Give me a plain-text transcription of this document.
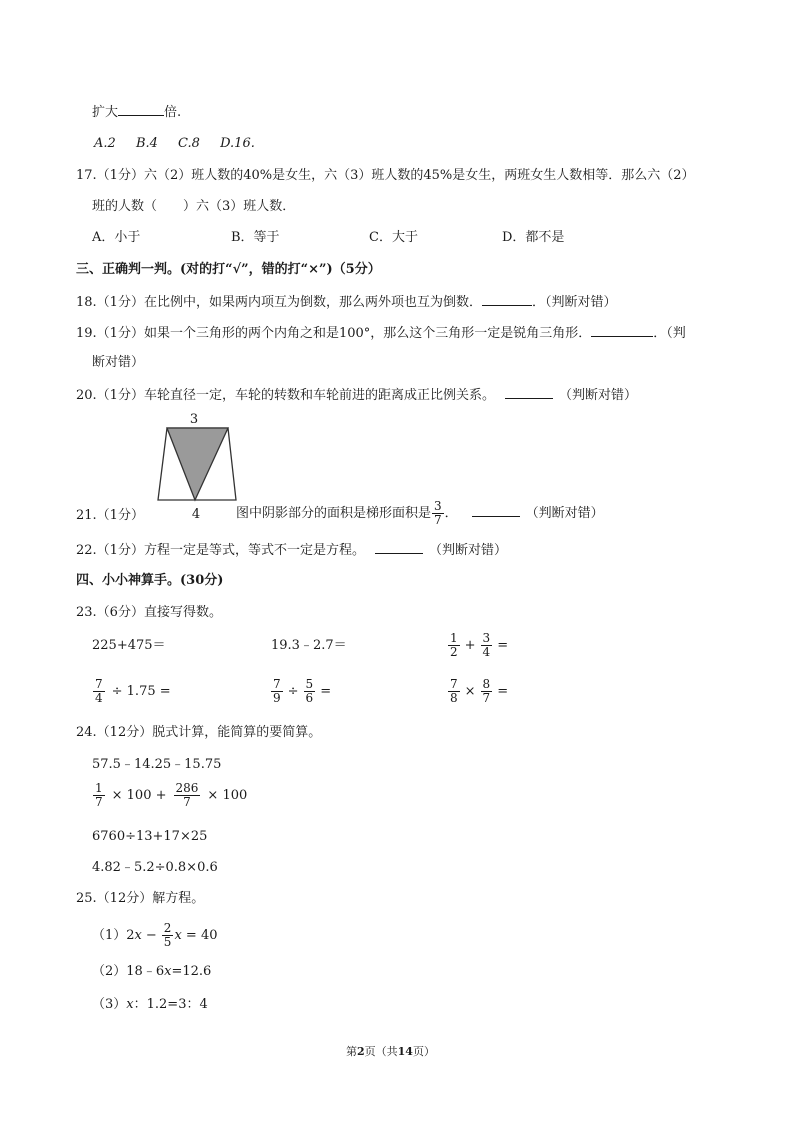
扩大	倍.
A.2 B.4 C.8 D.16.
17.（1分）六（2）班人数的40%是女生，六（3）班人数的45%是女生，两班女生人数相等．那么六（2）
班的人数（　　）六（3）班人数．
A．小于	B．等于	C．大于	D．都不是
三、正确判一判。(对的打“√”，错的打“×”)（5分）
18.（1分）在比例中，如果两内项互为倒数，那么两外项也互为倒数．	．（判断对错）
19.（1分）如果一个三角形的两个内角之和是100°，那么这个三角形一定是锐角三角形．	．（判
断对错）
20.（1分）车轮直径一定，车轮的转数和车轮前进的距离成正比例关系。	（判断对错）
3
4
21.（1分）	图中阴影部分的面积是梯形面积是 $\frac{3}{7}$ ．	（判断对错）
22.（1分）方程一定是等式，等式不一定是方程。	（判断对错）
四、小小神算手。(30分)
23.（6分）直接写得数。
225+475＝	19.3﹣2.7＝	$\frac{1}{2} + \frac{3}{4}$ =
$\frac{7}{4} \div 1.75$ =	$\frac{7}{9} \div \frac{5}{6}$ =	$\frac{7}{8} \times \frac{8}{7}$ =
24.（12分）脱式计算，能简算的要简算。
57.5﹣14.25﹣15.75
$\frac{1}{7} \times 100 + \frac{286}{7} \times 100$
6760÷13+17×25
4.82﹣5.2÷0.8×0.6
25.（12分）解方程。
$(1)2x - \frac{2}{5}$ x = 40
（2）18﹣6x=12.6
（3）x：1.2=3：4
第2页（共14页）
